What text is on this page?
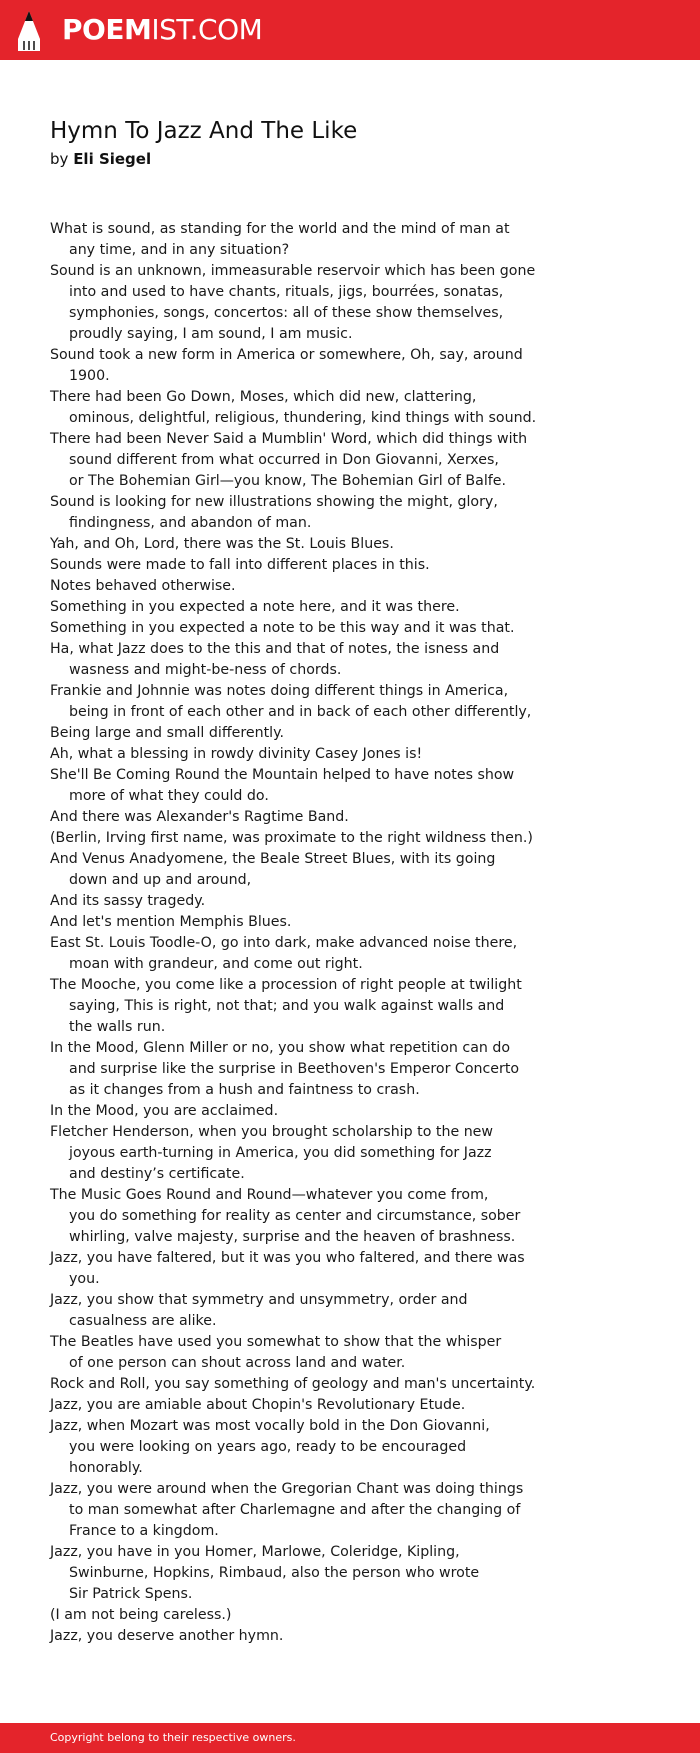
POEMIST.COM
Hymn To Jazz And The Like
by Eli Siegel
What is sound, as standing for the world and the mind of man at
any time, and in any situation?
Sound is an unknown, immeasurable reservoir which has been gone
into and used to have chants, rituals, jigs, bourrées, sonatas,
symphonies, songs, concertos: all of these show themselves,
proudly saying, I am sound, I am music.
Sound took a new form in America or somewhere, Oh, say, around
1900.
There had been Go Down, Moses, which did new, clattering,
ominous, delightful, religious, thundering, kind things with sound.
There had been Never Said a Mumblin' Word, which did things with
sound different from what occurred in Don Giovanni, Xerxes,
or The Bohemian Girl—you know, The Bohemian Girl of Balfe.
Sound is looking for new illustrations showing the might, glory,
findingness, and abandon of man.
Yah, and Oh, Lord, there was the St. Louis Blues.
Sounds were made to fall into different places in this.
Notes behaved otherwise.
Something in you expected a note here, and it was there.
Something in you expected a note to be this way and it was that.
Ha, what Jazz does to the this and that of notes, the isness and
wasness and might-be-ness of chords.
Frankie and Johnnie was notes doing different things in America,
being in front of each other and in back of each other differently,
Being large and small differently.
Ah, what a blessing in rowdy divinity Casey Jones is!
She'll Be Coming Round the Mountain helped to have notes show
more of what they could do.
And there was Alexander's Ragtime Band.
(Berlin, Irving first name, was proximate to the right wildness then.)
And Venus Anadyomene, the Beale Street Blues, with its going
down and up and around,
And its sassy tragedy.
And let's mention Memphis Blues.
East St. Louis Toodle-O, go into dark, make advanced noise there,
moan with grandeur, and come out right.
The Mooche, you come like a procession of right people at twilight
saying, This is right, not that; and you walk against walls and
the walls run.
In the Mood, Glenn Miller or no, you show what repetition can do
and surprise like the surprise in Beethoven's Emperor Concerto
as it changes from a hush and faintness to crash.
In the Mood, you are acclaimed.
Fletcher Henderson, when you brought scholarship to the new
joyous earth-turning in America, you did something for Jazz
and destiny’s certificate.
The Music Goes Round and Round—whatever you come from,
you do something for reality as center and circumstance, sober
whirling, valve majesty, surprise and the heaven of brashness.
Jazz, you have faltered, but it was you who faltered, and there was
you.
Jazz, you show that symmetry and unsymmetry, order and
casualness are alike.
The Beatles have used you somewhat to show that the whisper
of one person can shout across land and water.
Rock and Roll, you say something of geology and man's uncertainty.
Jazz, you are amiable about Chopin's Revolutionary Etude.
Jazz, when Mozart was most vocally bold in the Don Giovanni,
you were looking on years ago, ready to be encouraged
honorably.
Jazz, you were around when the Gregorian Chant was doing things
to man somewhat after Charlemagne and after the changing of
France to a kingdom.
Jazz, you have in you Homer, Marlowe, Coleridge, Kipling,
Swinburne, Hopkins, Rimbaud, also the person who wrote
Sir Patrick Spens.
(I am not being careless.)
Jazz, you deserve another hymn.
Copyright belong to their respective owners.
